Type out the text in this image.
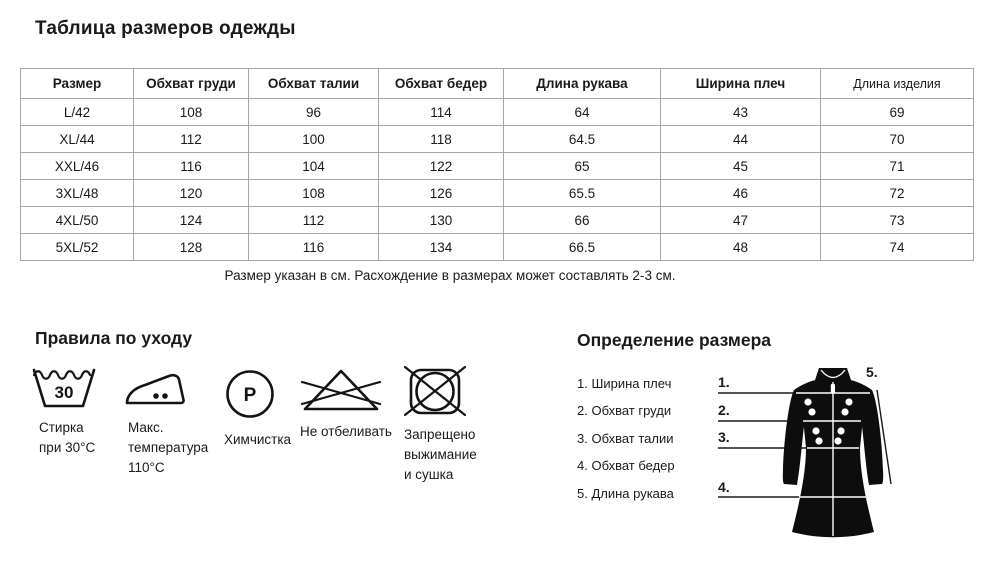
Таблица размеров одежды
Размер	Обхват груди	Обхват талии	Обхват бедер	Длина рукава	Ширина плеч	Длина изделия
L/42	108	96	114	64	43	69
XL/44	112	100	118	64.5	44	70
XXL/46	116	104	122	65	45	71
3XL/48	120	108	126	65.5	46	72
4XL/50	124	112	130	66	47	73
5XL/52	128	116	134	66.5	48	74
Размер указан в см. Расхождение в размерах может составлять 2-3 см.
Правила по уходу
30
Стирка
при 30°С
Макс.
температура
110°С
P
Химчистка
Не отбеливать Запрещено
выжимание
и сушка
Определение размера
1. Ширина плеч
2. Обхват груди
3. Обхват талии
4. Обхват бедер
5. Длина рукава
1.
2.
3.
4.
5.
